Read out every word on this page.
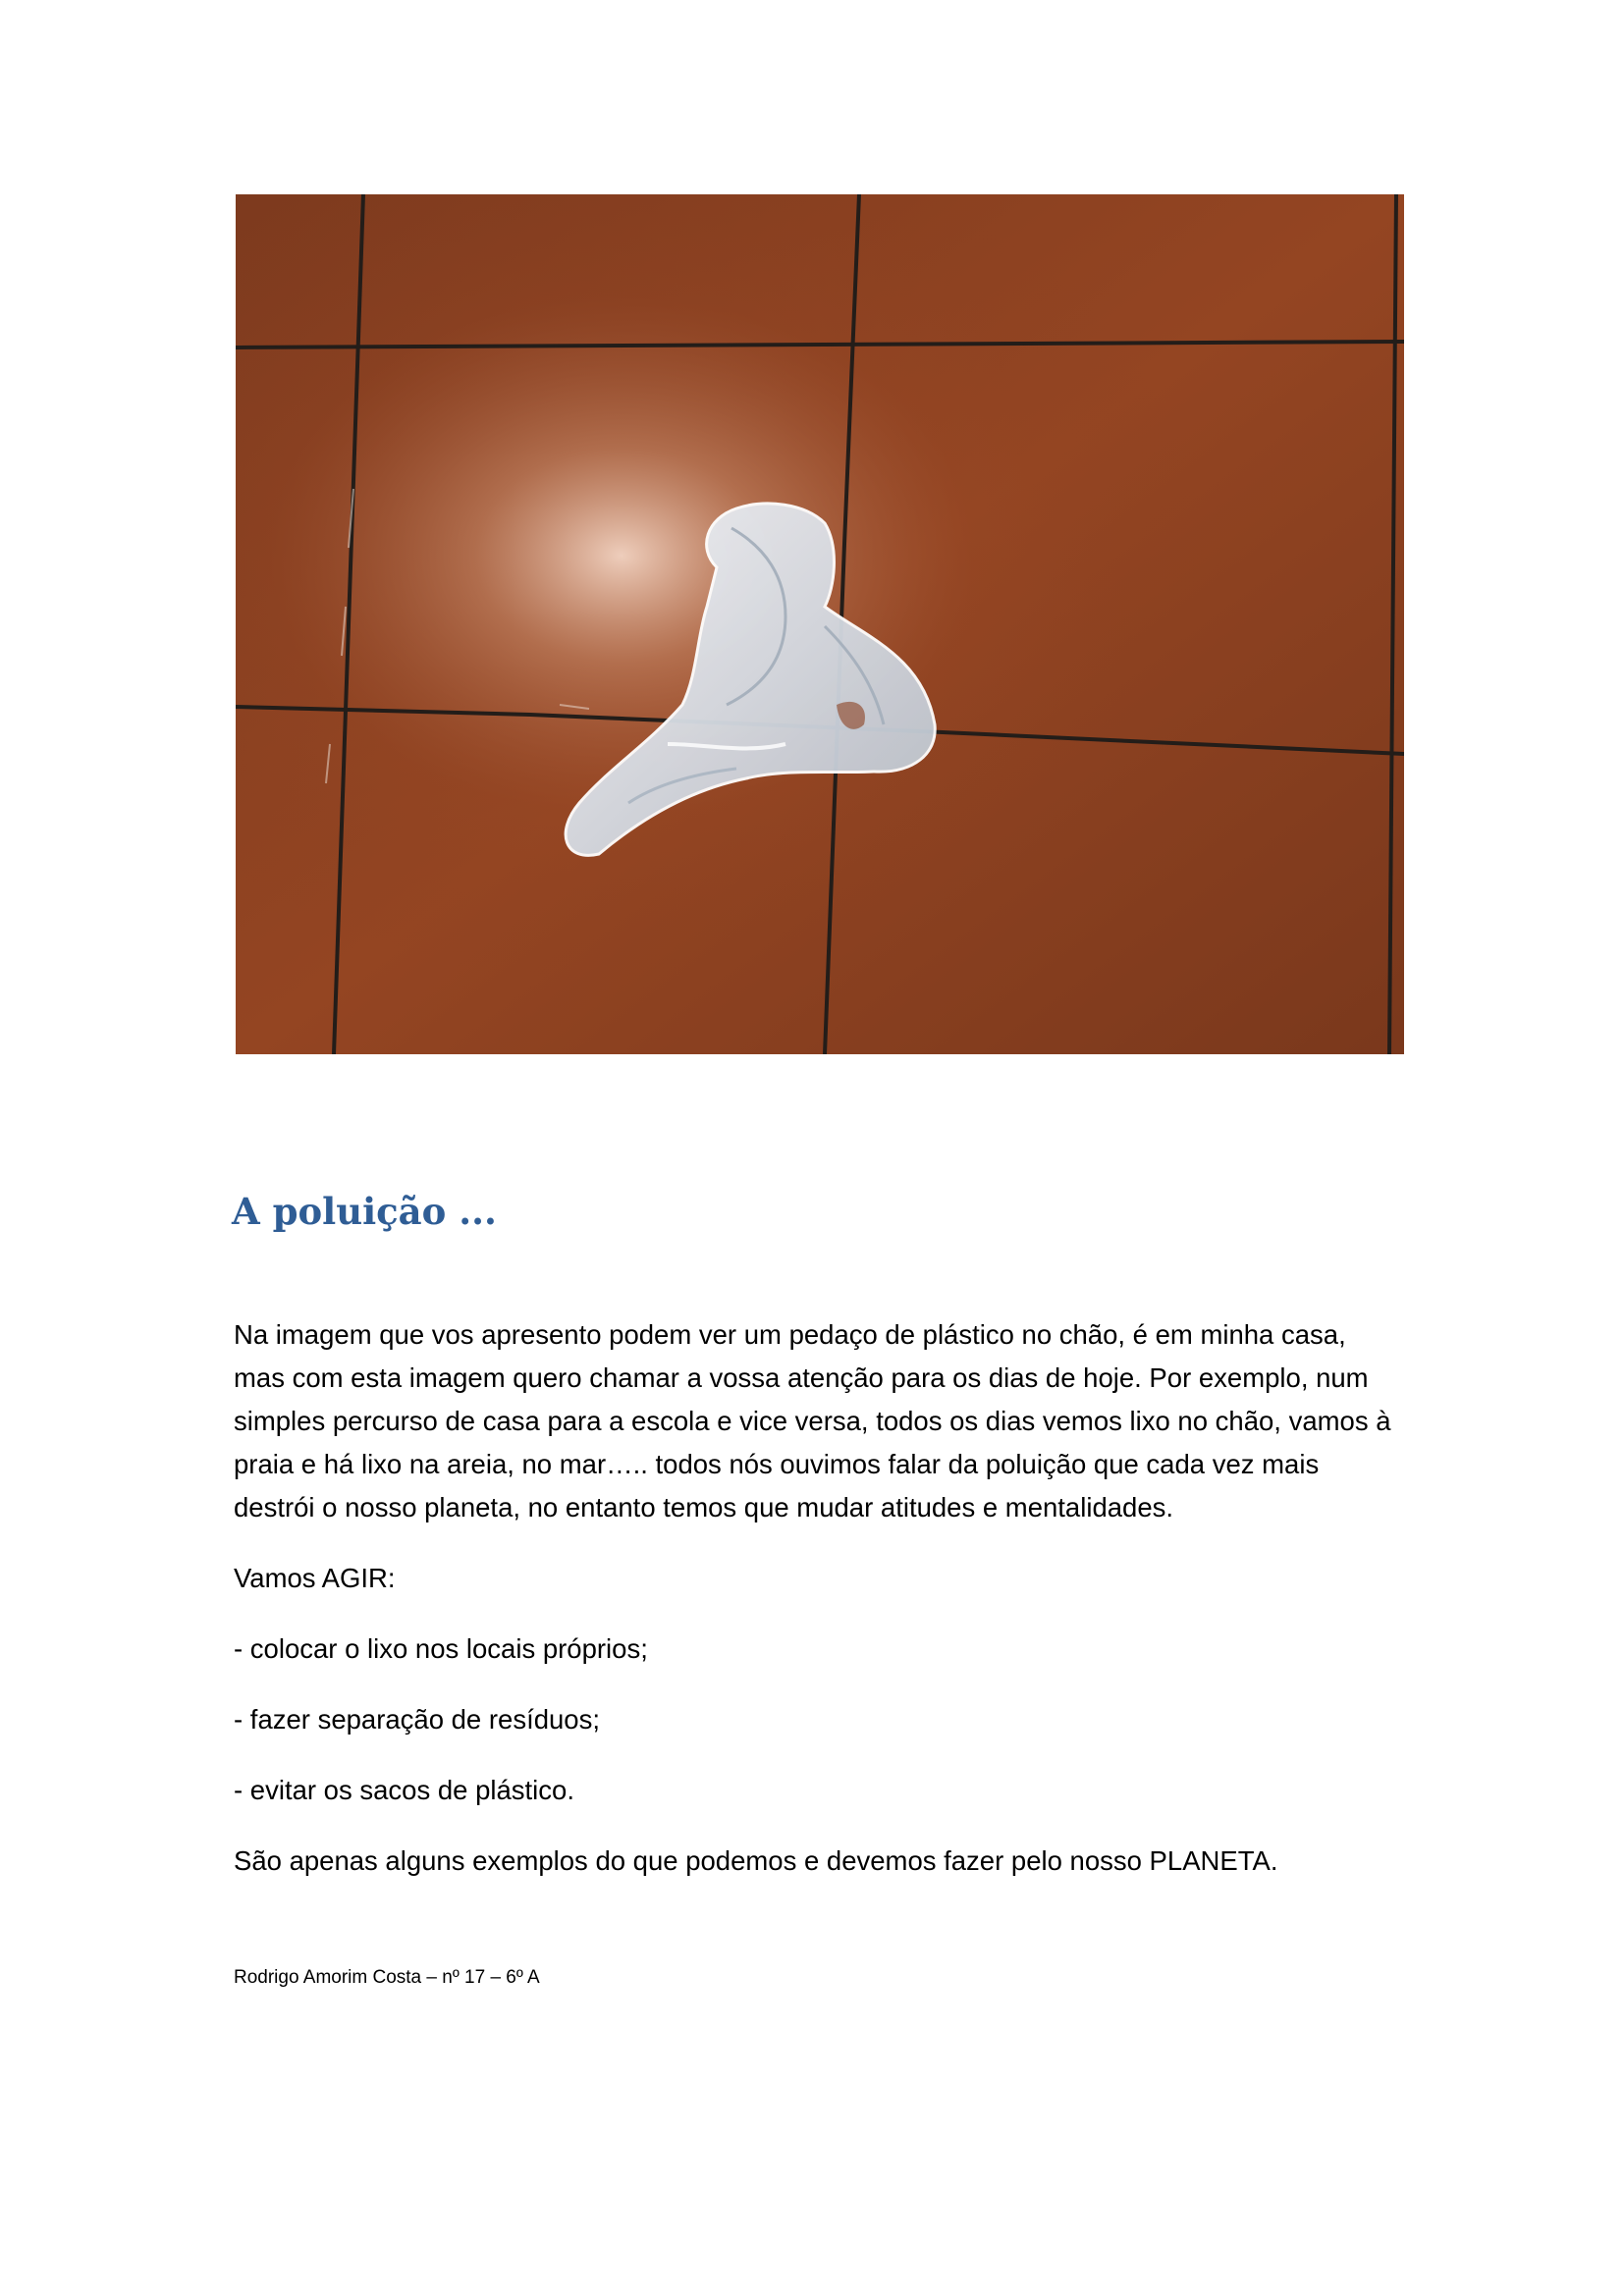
A poluição ...

Na imagem que vos apresento podem ver um pedaço de plástico no chão, é em minha casa,
mas com esta imagem quero chamar a vossa atenção para os dias de hoje. Por exemplo, num
simples percurso de casa para a escola e vice versa, todos os dias vemos lixo no chão, vamos à
praia e há lixo na areia, no mar….. todos nós ouvimos falar da poluição que cada vez mais
destrói o nosso planeta, no entanto temos que mudar atitudes e mentalidades.

Vamos AGIR:

- colocar o lixo nos locais próprios;

- fazer separação de resíduos;

- evitar os sacos de plástico.

São apenas alguns exemplos do que podemos e devemos fazer pelo nosso PLANETA.

Rodrigo Amorim Costa – nº 17 – 6º A
